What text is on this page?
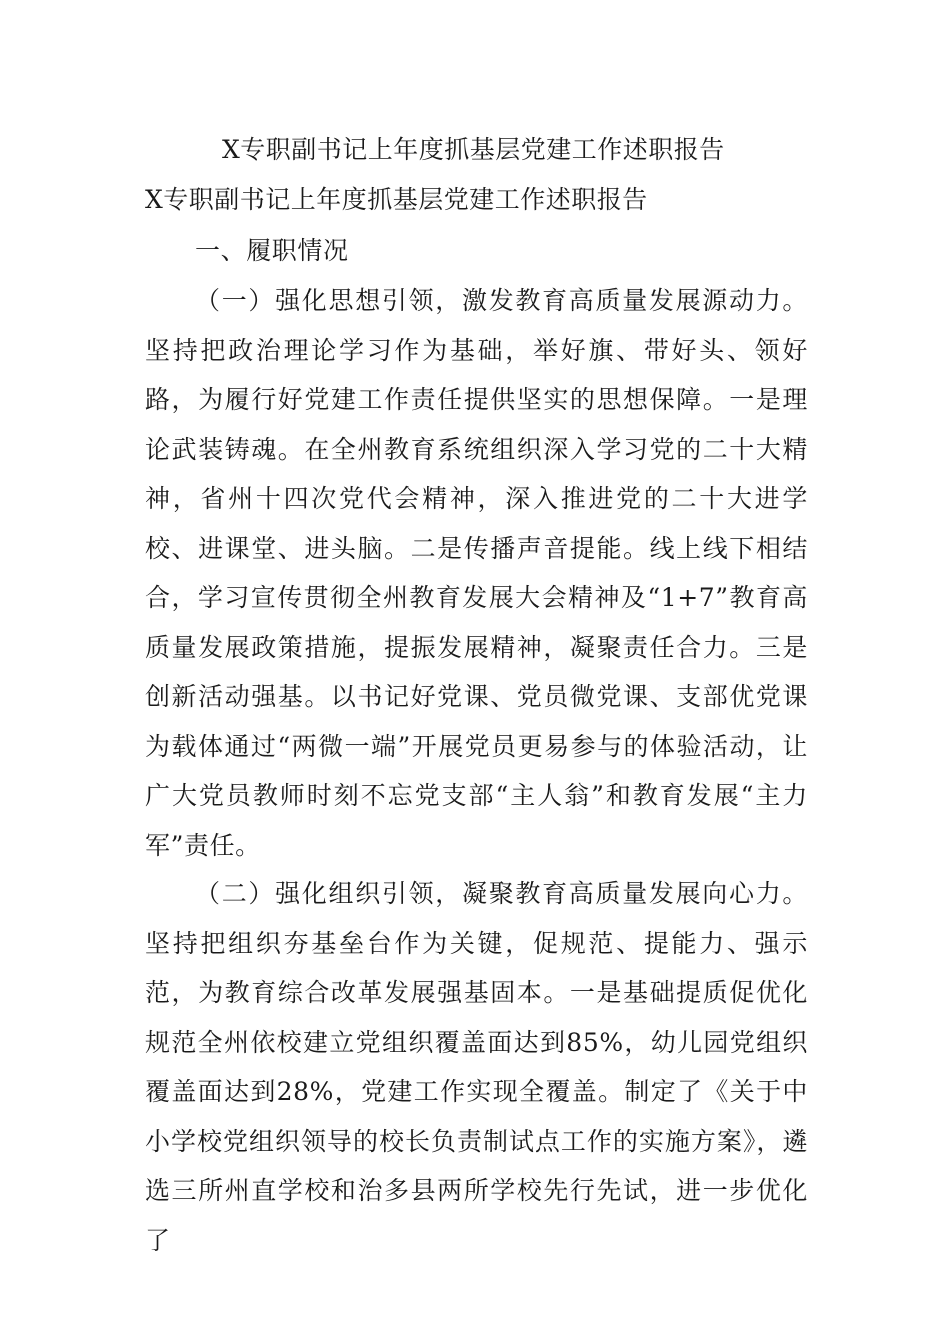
X专职副书记上年度抓基层党建工作述职报告
X专职副书记上年度抓基层党建工作述职报告

一、履职情况

（一）强化思想引领，激发教育高质量发展源动力。坚持把政治理论学习作为基础，举好旗、带好头、领好路，为履行好党建工作责任提供坚实的思想保障。一是理论武装铸魂。在全州教育系统组织深入学习党的二十大精神，省州十四次党代会精神，深入推进党的二十大进学校、进课堂、进头脑。二是传播声音提能。线上线下相结合，学习宣传贯彻全州教育发展大会精神及“1+7”教育高质量发展政策措施，提振发展精神，凝聚责任合力。三是创新活动强基。以书记好党课、党员微党课、支部优党课为载体通过“两微一端”开展党员更易参与的体验活动，让广大党员教师时刻不忘党支部“主人翁”和教育发展“主力军”责任。

（二）强化组织引领，凝聚教育高质量发展向心力。坚持把组织夯基垒台作为关键，促规范、提能力、强示范，为教育综合改革发展强基固本。一是基础提质促优化规范全州依校建立党组织覆盖面达到85%，幼儿园党组织覆盖面达到28%，党建工作实现全覆盖。制定了《关于中小学校党组织领导的校长负责制试点工作的实施方案》，遴选三所州直学校和治多县两所学校先行先试，进一步优化了
